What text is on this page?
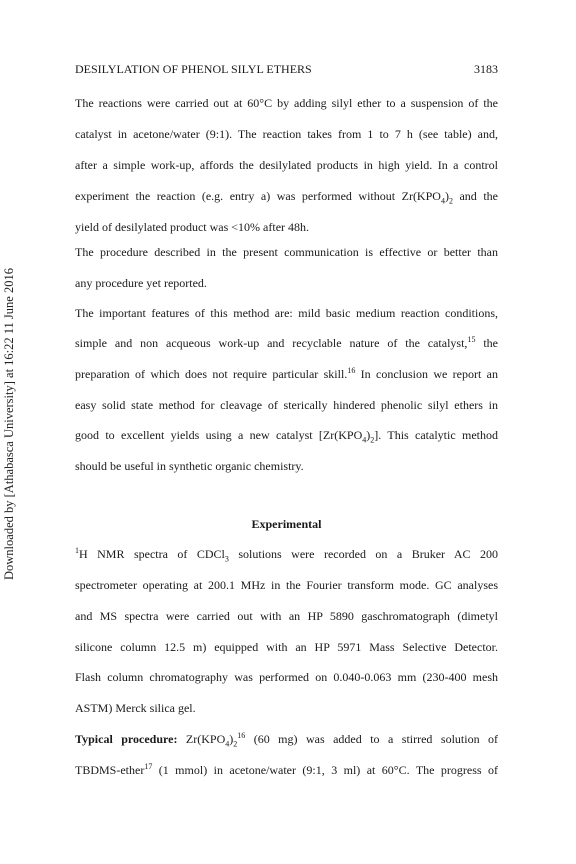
DESILYLATION OF PHENOL SILYL ETHERS	3183
Downloaded by [Athabasca University] at 16:22 11 June 2016
The reactions were carried out at 60°C by adding silyl ether to a suspension of the
catalyst in acetone/water (9:1). The reaction takes from 1 to 7 h (see table) and,
after a simple work-up, affords the desilylated products in high yield. In a control
experiment the reaction (e.g. entry a) was performed without $Zr(KPO_4)_2$ and the
yield of desilylated product was <10% after 48h.
The procedure described in the present communication is effective or better than
any procedure yet reported.
The important features of this method are: mild basic medium reaction conditions,
simple and non acqueous work-up and recyclable nature of the catalyst,$^{15}$ the
preparation of which does not require particular skill.$^{16}$ In conclusion we report an
easy solid state method for cleavage of sterically hindered phenolic silyl ethers in
good to excellent yields using a new catalyst $[Zr(KPO_4)_2]$. This catalytic method
should be useful in synthetic organic chemistry.
Experimental
$^1$H NMR spectra of CDCl$_3$ solutions were recorded on a Bruker AC 200
spectrometer operating at 200.1 MHz in the Fourier transform mode. GC analyses
and MS spectra were carried out with an HP 5890 gaschromatograph (dimetyl
silicone column 12.5 m) equipped with an HP 5971 Mass Selective Detector.
Flash column chromatography was performed on 0.040-0.063 mm (230-400 mesh
ASTM) Merck silica gel.
Typical procedure: $Zr(KPO_4)_2^{16}$ (60 mg) was added to a stirred solution of
TBDMS-ether$^{17}$ (1 mmol) in acetone/water (9:1, 3 ml) at 60°C. The progress of
